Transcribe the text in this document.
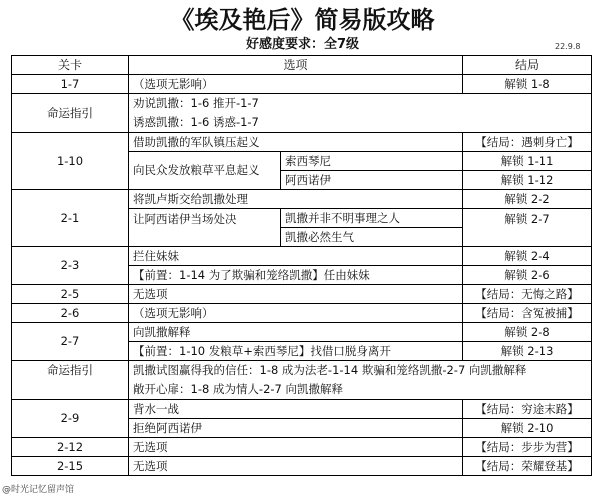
《埃及艳后》简易版攻略
好感度要求：全7级	22.9.8
关卡	选项		结局
1-7	（选项无影响）		解锁 1-8
命运指引	劝说凯撒：1-6 推开-1-7
诱惑凯撒：1-6 诱惑-1-7		

1-10	借助凯撒的军队镇压起义		【结局：遇刺身亡】
	向民众发放粮草平息起义	索西琴尼	解锁 1-11
		阿西诺伊	解锁 1-12
2-1	将凯卢斯交给凯撒处理		解锁 2-2
	让阿西诺伊当场处决	凯撒并非不明事理之人	解锁 2-7
		凯撒必然生气	
2-3	拦住妹妹		解锁 2-4
	【前置：1-14 为了欺骗和笼络凯撒】任由妹妹		解锁 2-6
2-5	无选项		【结局：无悔之路】
2-6	（选项无影响）		【结局：含冤被捕】
2-7	向凯撒解释		解锁 2-8
	【前置：1-10 发粮草+索西琴尼】找借口脱身离开		解锁 2-13
命运指引	凯撒试图赢得我的信任：1-8 成为法老-1-14 欺骗和笼络凯撒-2-7 向凯撒解释
敞开心扉：1-8 成为情人-2-7 向凯撒解释		

2-9	背水一战		【结局：穷途末路】
	拒绝阿西诺伊		解锁 2-10
2-12	无选项		【结局：步步为营】
2-15	无选项		【结局：荣耀登基】
@时光记忆留声馆
